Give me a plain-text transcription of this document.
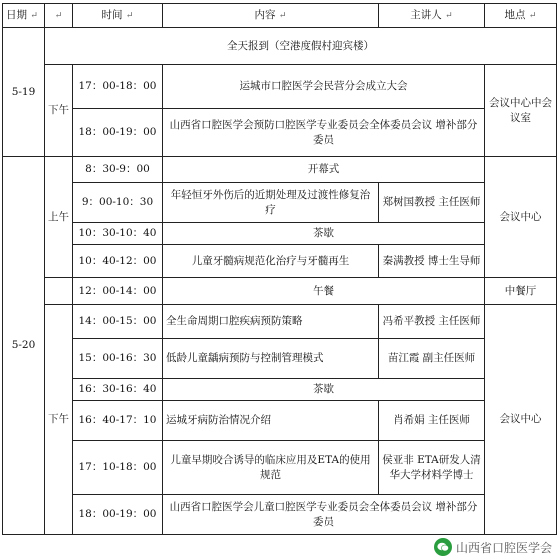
日期 ↵	↵	时间 ↵	内容 ↵	主讲人 ↵	地点 ↵
5-19	全天报到（空港度假村迎宾楼）				
	下午	17：00-18：00	运城市口腔医学会民营分会成立大会		会议中心中会议室
		18：00-19：00	山西省口腔医学会预防口腔医学专业委员会全体委员会议 增补部分委员		
5-20	上午	8：30-9：00	开幕式		会议中心
		9：00-10：30	年轻恒牙外伤后的近期处理及过渡性修复治疗	郑树国教授 主任医师	
		10：30-10：40	茶歇		
		10：40-12：00	儿童牙髓病规范化治疗与牙髓再生	秦满教授 博士生导师	
		12：00-14：00	午餐		中餐厅
	下午	14：00-15：00	全生命周期口腔疾病预防策略	冯希平教授 主任医师	会议中心
		15：00-16：30	低龄儿童龋病预防与控制管理模式	苗江霞 副主任医师	
		16：30-16：40	茶歇		
		16：40-17：10	运城牙病防治情况介绍	肖希娟 主任医师	
		17：10-18：00	儿童早期咬合诱导的临床应用及ETA的使用规范	侯亚非 ETA研发人清华大学材料学博士	
		18：00-19：00	山西省口腔医学会儿童口腔医学专业委员会全体委员会议 增补部分委员		
山西省口腔医学会
